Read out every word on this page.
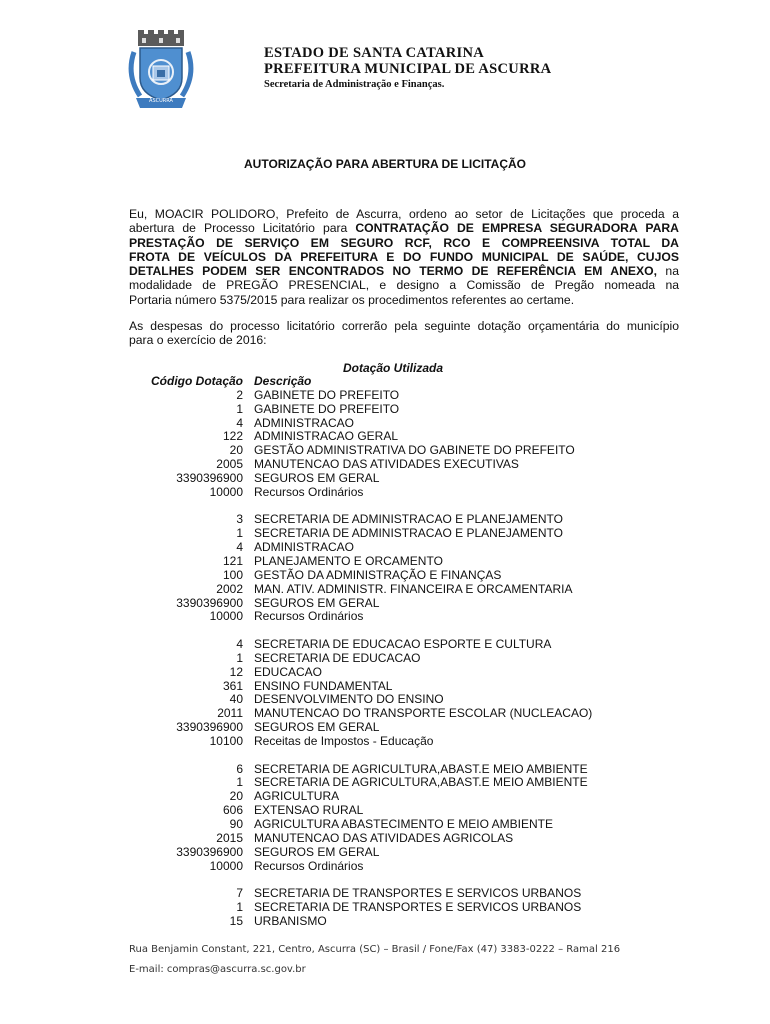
ASCURRA
ESTADO DE SANTA CATARINA
PREFEITURA MUNICIPAL DE ASCURRA
Secretaria de Administração e Finanças.
AUTORIZAÇÃO PARA ABERTURA DE LICITAÇÃO

Eu, MOACIR POLIDORO, Prefeito de Ascurra, ordeno ao setor de Licitações que proceda a

abertura de Processo Licitatório para CONTRATAÇÃO DE EMPRESA SEGURADORA PARA

PRESTAÇÃO DE SERVIÇO EM SEGURO RCF, RCO E COMPREENSIVA TOTAL DA

FROTA DE VEÍCULOS DA PREFEITURA E DO FUNDO MUNICIPAL DE SAÚDE, CUJOS

DETALHES PODEM SER ENCONTRADOS NO TERMO DE REFERÊNCIA EM ANEXO, na

modalidade de PREGÃO PRESENCIAL, e designo a Comissão de Pregão nomeada na

Portaria número 5375/2015 para realizar os procedimentos referentes ao certame.

As despesas do processo licitatório correrão pela seguinte dotação orçamentária do município

para o exercício de 2016:

Dotação Utilizada
Código Dotação Descrição
2 GABINETE DO PREFEITO
1 GABINETE DO PREFEITO
4 ADMINISTRACAO
122 ADMINISTRACAO GERAL
20 GESTÃO ADMINISTRATIVA DO GABINETE DO PREFEITO
2005 MANUTENCAO DAS ATIVIDADES EXECUTIVAS
3390396900 SEGUROS EM GERAL
10000 Recursos Ordinários
3 SECRETARIA DE ADMINISTRACAO E PLANEJAMENTO
1 SECRETARIA DE ADMINISTRACAO E PLANEJAMENTO
4 ADMINISTRACAO
121 PLANEJAMENTO E ORCAMENTO
100 GESTÃO DA ADMINISTRAÇÃO E FINANÇAS
2002 MAN. ATIV. ADMINISTR. FINANCEIRA E ORCAMENTARIA
3390396900 SEGUROS EM GERAL
10000 Recursos Ordinários
4 SECRETARIA DE EDUCACAO ESPORTE E CULTURA
1 SECRETARIA DE EDUCACAO
12 EDUCACAO
361 ENSINO FUNDAMENTAL
40 DESENVOLVIMENTO DO ENSINO
2011 MANUTENCAO DO TRANSPORTE ESCOLAR (NUCLEACAO)
3390396900 SEGUROS EM GERAL
10100 Receitas de Impostos - Educação
6 SECRETARIA DE AGRICULTURA,ABAST.E MEIO AMBIENTE
1 SECRETARIA DE AGRICULTURA,ABAST.E MEIO AMBIENTE
20 AGRICULTURA
606 EXTENSAO RURAL
90 AGRICULTURA ABASTECIMENTO E MEIO AMBIENTE
2015 MANUTENCAO DAS ATIVIDADES AGRICOLAS
3390396900 SEGUROS EM GERAL
10000 Recursos Ordinários
7 SECRETARIA DE TRANSPORTES E SERVICOS URBANOS
1 SECRETARIA DE TRANSPORTES E SERVICOS URBANOS
15 URBANISMO
Rua Benjamin Constant, 221, Centro, Ascurra (SC) – Brasil / Fone/Fax (47) 3383-0222 – Ramal 216
E-mail: compras@ascurra.sc.gov.br
